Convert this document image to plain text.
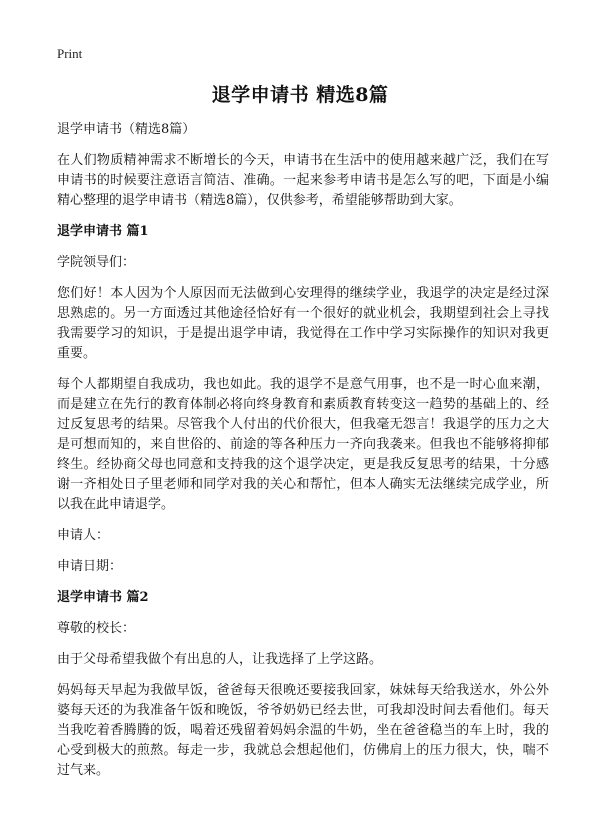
Print
退学申请书 精选8篇

退学申请书（精选8篇）

在人们物质精神需求不断增长的今天，申请书在生活中的使用越来越广泛，我们在写申请书的时候要注意语言简洁、准确。一起来参考申请书是怎么写的吧，下面是小编精心整理的退学申请书（精选8篇），仅供参考，希望能够帮助到大家。

退学申请书 篇1

学院领导们：

您们好！本人因为个人原因而无法做到心安理得的继续学业，我退学的决定是经过深思熟虑的。另一方面透过其他途径恰好有一个很好的就业机会，我期望到社会上寻找我需要学习的知识，于是提出退学申请，我觉得在工作中学习实际操作的知识对我更重要。

每个人都期望自我成功，我也如此。我的退学不是意气用事，也不是一时心血来潮，而是建立在先行的教育体制必将向终身教育和素质教育转变这一趋势的基础上的、经过反复思考的结果。尽管我个人付出的代价很大，但我毫无怨言！我退学的压力之大是可想而知的，来自世俗的、前途的等各种压力一齐向我袭来。但我也不能够将抑郁终生。经协商父母也同意和支持我的这个退学决定，更是我反复思考的结果，十分感谢一齐相处日子里老师和同学对我的关心和帮忙，但本人确实无法继续完成学业，所以我在此申请退学。

申请人：

申请日期：

退学申请书 篇2

尊敬的校长：

由于父母希望我做个有出息的人，让我选择了上学这路。

妈妈每天早起为我做早饭，爸爸每天很晚还要接我回家，妹妹每天给我送水，外公外婆每天还的为我准备午饭和晚饭，爷爷奶奶已经去世，可我却没时间去看他们。每天当我吃着香腾腾的饭，喝着还残留着妈妈余温的牛奶，坐在爸爸稳当的车上时，我的心受到极大的煎熬。每走一步，我就总会想起他们，仿佛肩上的压力很大，快，喘不过气来。
